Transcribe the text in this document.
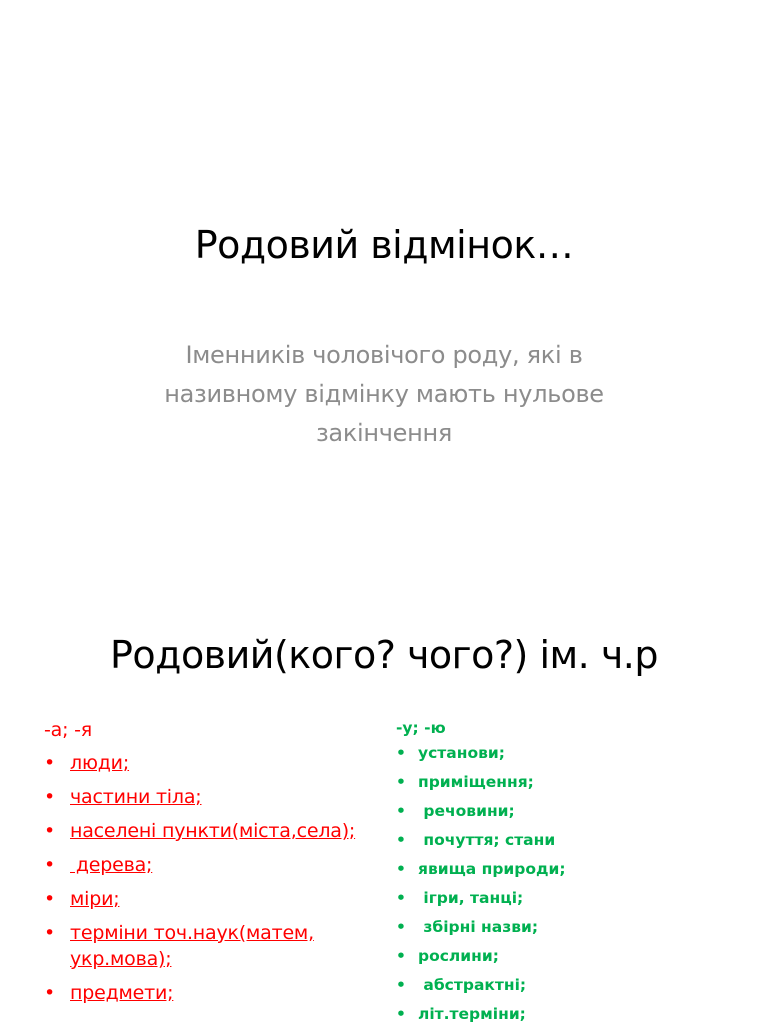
Родовий відмінок…
Іменників чоловічого роду, які в
називному відмінку мають нульове
закінчення
Родовий(кого? чого?) ім. ч.р
-а; -я
• люди;
• частини тіла;
• населені пункти(міста,села);
• дерева;
• міри;
• терміни точ.наук(матем, укр.мова);
• предмети;
-у; -ю
• установи;
• приміщення;
• речовини;
• почуття; стани
• явища природи;
• ігри, танці;
• збірні назви;
• рослини;
• абстрактні;
• літ.терміни;
